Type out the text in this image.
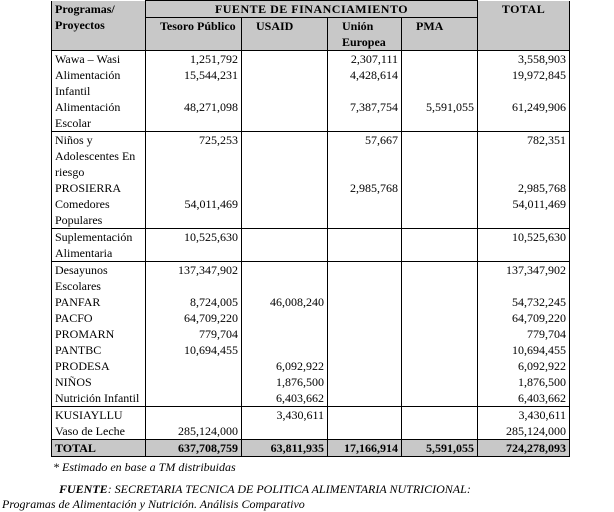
Programas/ Proyectos	FUENTE DE FINANCIAMIENTO				TOTAL
	Tesoro Público	USAID	Unión Europea	PMA	
Wawa – Wasi	1,251,792		2,307,111		3,558,903
Alimentación Infantil	15,544,231		4,428,614		19,972,845
Alimentación Escolar	48,271,098		7,387,754	5,591,055	61,249,906
Niños y Adolescentes En riesgo	725,253		57,667		782,351
PROSIERRA			2,985,768		2,985,768
Comedores Populares	54,011,469				54,011,469
Suplementación Alimentaria	10,525,630				10,525,630
Desayunos Escolares	137,347,902				137,347,902
PANFAR	8,724,005	46,008,240			54,732,245
PACFO	64,709,220				64,709,220
PROMARN	779,704				779,704
PANTBC	10,694,455				10,694,455
PRODESA		6,092,922			6,092,922
NIÑOS		1,876,500			1,876,500
Nutrición Infantil		6,403,662			6,403,662
KUSIAYLLU		3,430,611			3,430,611
Vaso de Leche	285,124,000				285,124,000
TOTAL	637,708,759	63,811,935	17,166,914	5,591,055	724,278,093
* Estimado en base a TM distribuidas
FUENTE: SECRETARIA TECNICA DE POLITICA ALIMENTARIA NUTRICIONAL:
Programas de Alimentación y Nutrición. Análisis Comparativo
